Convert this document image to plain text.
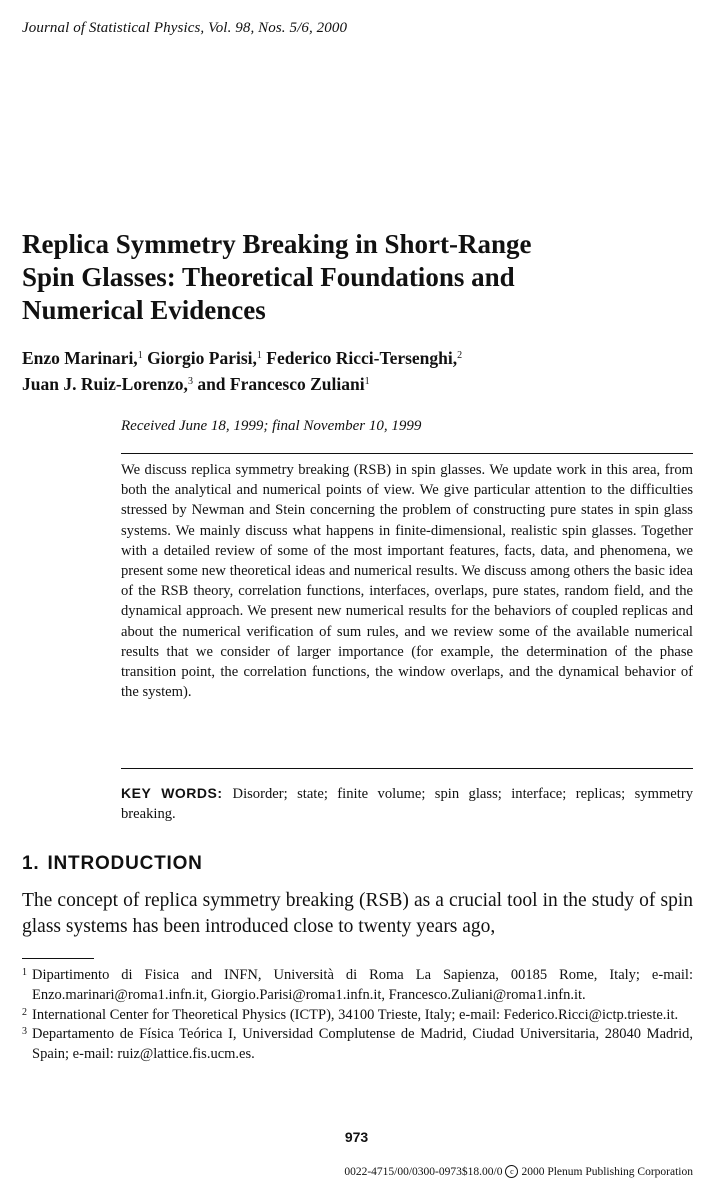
Journal of Statistical Physics, Vol. 98, Nos. 5/6, 2000
Replica Symmetry Breaking in Short-Range
Spin Glasses: Theoretical Foundations and
Numerical Evidences
Enzo Marinari,$^1$ Giorgio Parisi,$^1$ Federico Ricci-Tersenghi,$^2$
Juan J. Ruiz-Lorenzo,$^3$ and Francesco Zuliani$^1$
Received June 18, 1999; final November 10, 1999
We discuss replica symmetry breaking (RSB) in spin glasses. We update work in this area, from both the analytical and numerical points of view. We give particular attention to the difficulties stressed by Newman and Stein concerning the problem of constructing pure states in spin glass systems. We mainly discuss what happens in finite-dimensional, realistic spin glasses. Together with a detailed review of some of the most important features, facts, data, and phenomena, we present some new theoretical ideas and numerical results. We discuss among others the basic idea of the RSB theory, correlation functions, interfaces, overlaps, pure states, random field, and the dynamical approach. We present new numerical results for the behaviors of coupled replicas and about the numerical verification of sum rules, and we review some of the available numerical results that we consider of larger importance (for example, the determination of the phase transition point, the correlation functions, the window overlaps, and the dynamical behavior of the system).
KEY WORDS: Disorder; state; finite volume; spin glass; interface; replicas; symmetry breaking.
1. INTRODUCTION
The concept of replica symmetry breaking (RSB) as a crucial tool in the study of spin glass systems has been introduced close to twenty years ago,
1 Dipartimento di Fisica and INFN, Università di Roma La Sapienza, 00185 Rome, Italy; e-mail: Enzo.marinari@roma1.infn.it, Giorgio.Parisi@roma1.infn.it, Francesco.Zuliani@roma1.infn.it.
2 International Center for Theoretical Physics (ICTP), 34100 Trieste, Italy; e-mail: Federico.Ricci@ictp.trieste.it.
3 Departamento de Física Teórica I, Universidad Complutense de Madrid, Ciudad Universitaria, 28040 Madrid, Spain; e-mail: ruiz@lattice.fis.ucm.es.
973
0022-4715/00/0300-0973$18.00/0 c 2000 Plenum Publishing Corporation
